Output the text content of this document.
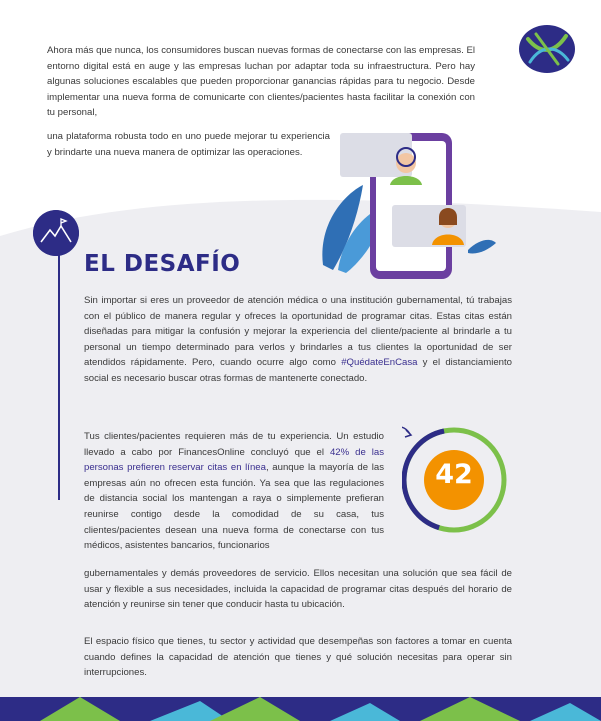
Ahora más que nunca, los consumidores buscan nuevas formas de conectarse con las empresas. El entorno digital está en auge y las empresas luchan por adaptar toda su infraestructura. Pero hay algunas soluciones escalables que pueden proporcionar ganancias rápidas para tu negocio. Desde implementar una nueva forma de comunicarte con clientes/pacientes hasta facilitar la conexión con tu personal,

una plataforma robusta todo en uno puede mejorar tu experiencia y brindarte una nueva manera de optimizar las operaciones.

EL DESAFÍO

Sin importar si eres un proveedor de atención médica o una institución gubernamental, tú trabajas con el público de manera regular y ofreces la oportunidad de programar citas. Estas citas están diseñadas para mitigar la confusión y mejorar la experiencia del cliente/paciente al brindarle a tu personal un tiempo determinado para verlos y brindarles a tus clientes la oportunidad de ser atendidos rápidamente. Pero, cuando ocurre algo como #QuédateEnCasa y el distanciamiento social es necesario buscar otras formas de mantenerte conectado.

Tus clientes/pacientes requieren más de tu experiencia. Un estudio llevado a cabo por FinancesOnline concluyó que el 42% de las personas prefieren reservar citas en línea, aunque la mayoría de las empresas aún no ofrecen esta función. Ya sea que las regulaciones de distancia social los mantengan a raya o simplemente prefieran reunirse contigo desde la comodidad de su casa, tus clientes/pacientes desean una nueva forma de conectarse con tus médicos, asistentes bancarios, funcionarios

42

gubernamentales y demás proveedores de servicio. Ellos necesitan una solución que sea fácil de usar y flexible a sus necesidades, incluida la capacidad de programar citas después del horario de atención y reunirse sin tener que conducir hasta tu ubicación.

El espacio físico que tienes, tu sector y actividad que desempeñas son factores a tomar en cuenta cuando defines la capacidad de atención que tienes y qué solución necesitas para operar sin interrupciones.
